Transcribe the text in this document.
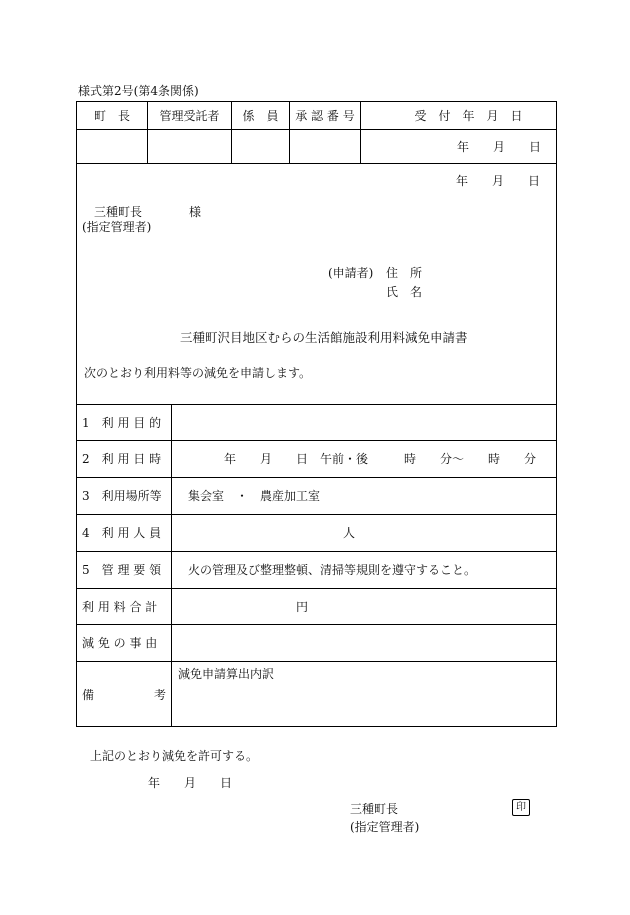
様式第2号(第4条関係)
町　長	管理受託者	係　員	承 認 番 号	受　付　年　月　日
年　　月　　日
年　　月　　日
三種町長	様
(指定管理者)
(申請者) 住　所
氏　名
三種町沢目地区むらの生活館施設利用料減免申請書
次のとおり利用料等の減免を申請します。
1　利 用 目 的
2　利 用 日 時	年　　月　　日　午前・後　　　時　　分～　　時　　分
3　利用場所等 集会室　・　農産加工室
4　利 用 人 員	人
5　管 理 要 領 火の管理及び整理整頓、清掃等規則を遵守すること。
利 用 料 合 計	円
減 免 の 事 由
備	考
減免申請算出内訳
上記のとおり減免を許可する。
年　　月　　日
三種町長	印
(指定管理者)
